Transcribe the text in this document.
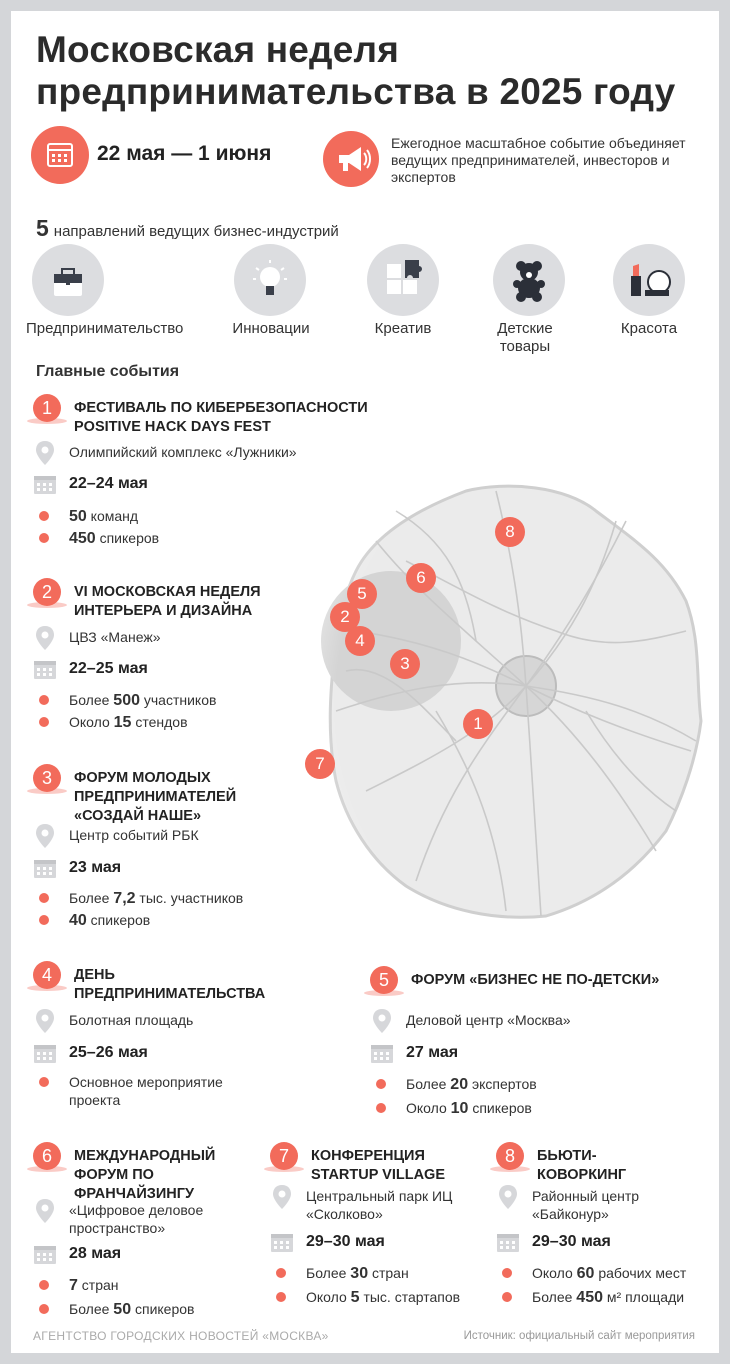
1
2
3
4
5
6
7
8
Московская неделя
предпринимательства в 2025 году
22 мая — 1 июня	Ежегодное масштабное событие объединяет ведущих предпринимателей, инвесторов и экспертов
5 направлений ведущих бизнес-индустрий
Предпринимательство	Инновации	Креатив	Детские товары
Красота
Главные события
1	ФЕСТИВАЛЬ ПО КИБЕРБЕЗОПАСНОСТИ POSITIVE HACK DAYS FEST
Олимпийский комплекс «Лужники»
22–24 мая
50 команд
450 спикеров
2	VI МОСКОВСКАЯ НЕДЕЛЯ ИНТЕРЬЕРА И ДИЗАЙНА
ЦВЗ «Манеж»
22–25 мая
Более 500 участников
Около 15 стендов
3	ФОРУМ МОЛОДЫХ ПРЕДПРИНИМАТЕЛЕЙ «СОЗДАЙ НАШЕ»
Центр событий РБК
23 мая
Более 7,2 тыс. участников
40 спикеров
4	ДЕНЬ ПРЕДПРИНИМАТЕЛЬСТВА
Болотная площадь
25–26 мая
Основное мероприятие проекта
5	ФОРУМ «БИЗНЕС НЕ ПО-ДЕТСКИ»
Деловой центр «Москва»
27 мая
Более 20 экспертов
Около 10 спикеров
6	МЕЖДУНАРОДНЫЙ ФОРУМ ПО ФРАНЧАЙЗИНГУ
«Цифровое деловое пространство»
28 мая
7 стран
Более 50 спикеров
7	КОНФЕРЕНЦИЯ STARTUP VILLAGE
Центральный парк ИЦ «Сколково»
29–30 мая
Более 30 стран
Около 5 тыс. стартапов
8	БЬЮТИ-КОВОРКИНГ
Районный центр «Байконур»
29–30 мая
Около 60 рабочих мест
Более 450 м² площади
АГЕНТСТВО ГОРОДСКИХ НОВОСТЕЙ «МОСКВА»	Источник: официальный сайт мероприятия
